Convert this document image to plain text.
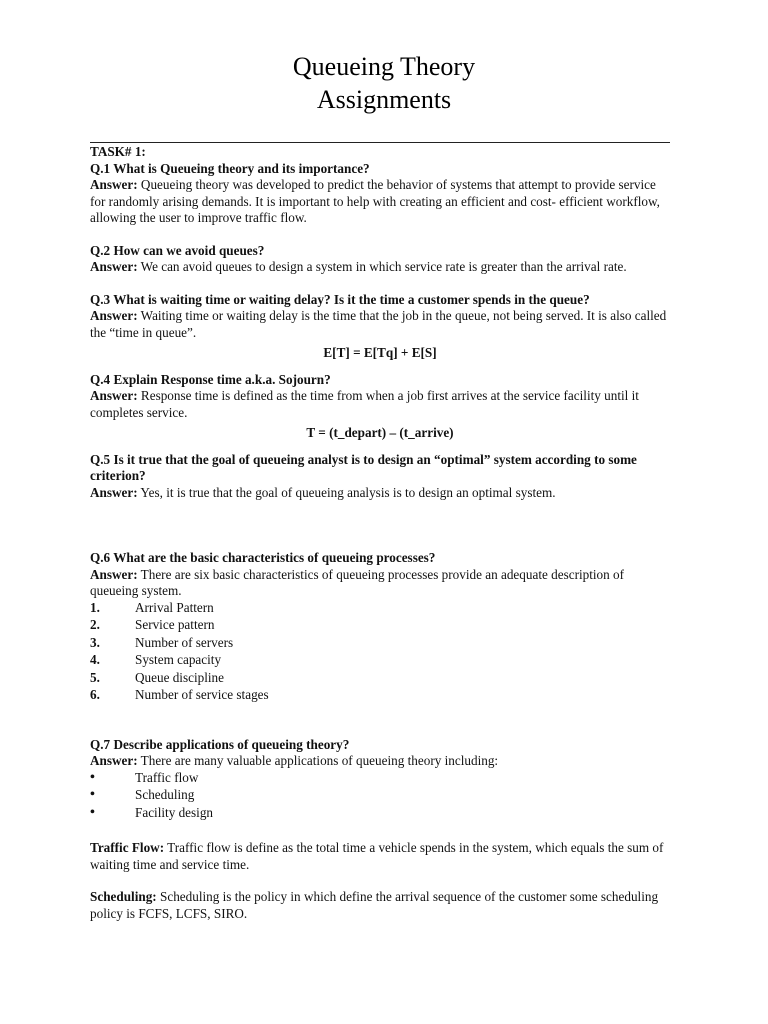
Queueing Theory
Assignments
TASK# 1:
Q.1 What is Queueing theory and its importance?

Answer: Queueing theory was developed to predict the behavior of systems that attempt to provide service for randomly arising demands. It is important to help with creating an efficient and cost- efficient workflow, allowing the user to improve traffic flow.

Q.2 How can we avoid queues?

Answer: We can avoid queues to design a system in which service rate is greater than the arrival rate.

Q.3 What is waiting time or waiting delay? Is it the time a customer spends in the queue?

Answer: Waiting time or waiting delay is the time that the job in the queue, not being served. It is also called the “time in queue”.

E[T] = E[Tq] + E[S]
Q.4 Explain Response time a.k.a. Sojourn?

Answer: Response time is defined as the time from when a job first arrives at the service facility until it completes service.

T = (t_depart) – (t_arrive)
Q.5 Is it true that the goal of queueing analyst is to design an “optimal” system according to some criterion?

Answer: Yes, it is true that the goal of queueing analysis is to design an optimal system.

Q.6 What are the basic characteristics of queueing processes?

Answer: There are six basic characteristics of queueing processes provide an adequate description of queueing system.

1.	Arrival Pattern
2.	Service pattern
3.	Number of servers
4.	System capacity
5.	Queue discipline
6.	Number of service stages
Q.7 Describe applications of queueing theory?

Answer: There are many valuable applications of queueing theory including:

•	Traffic flow
•	Scheduling
•	Facility design

Traffic Flow: Traffic flow is define as the total time a vehicle spends in the system, which equals the sum of waiting time and service time.

Scheduling: Scheduling is the policy in which define the arrival sequence of the customer some scheduling policy is FCFS, LCFS, SIRO.
